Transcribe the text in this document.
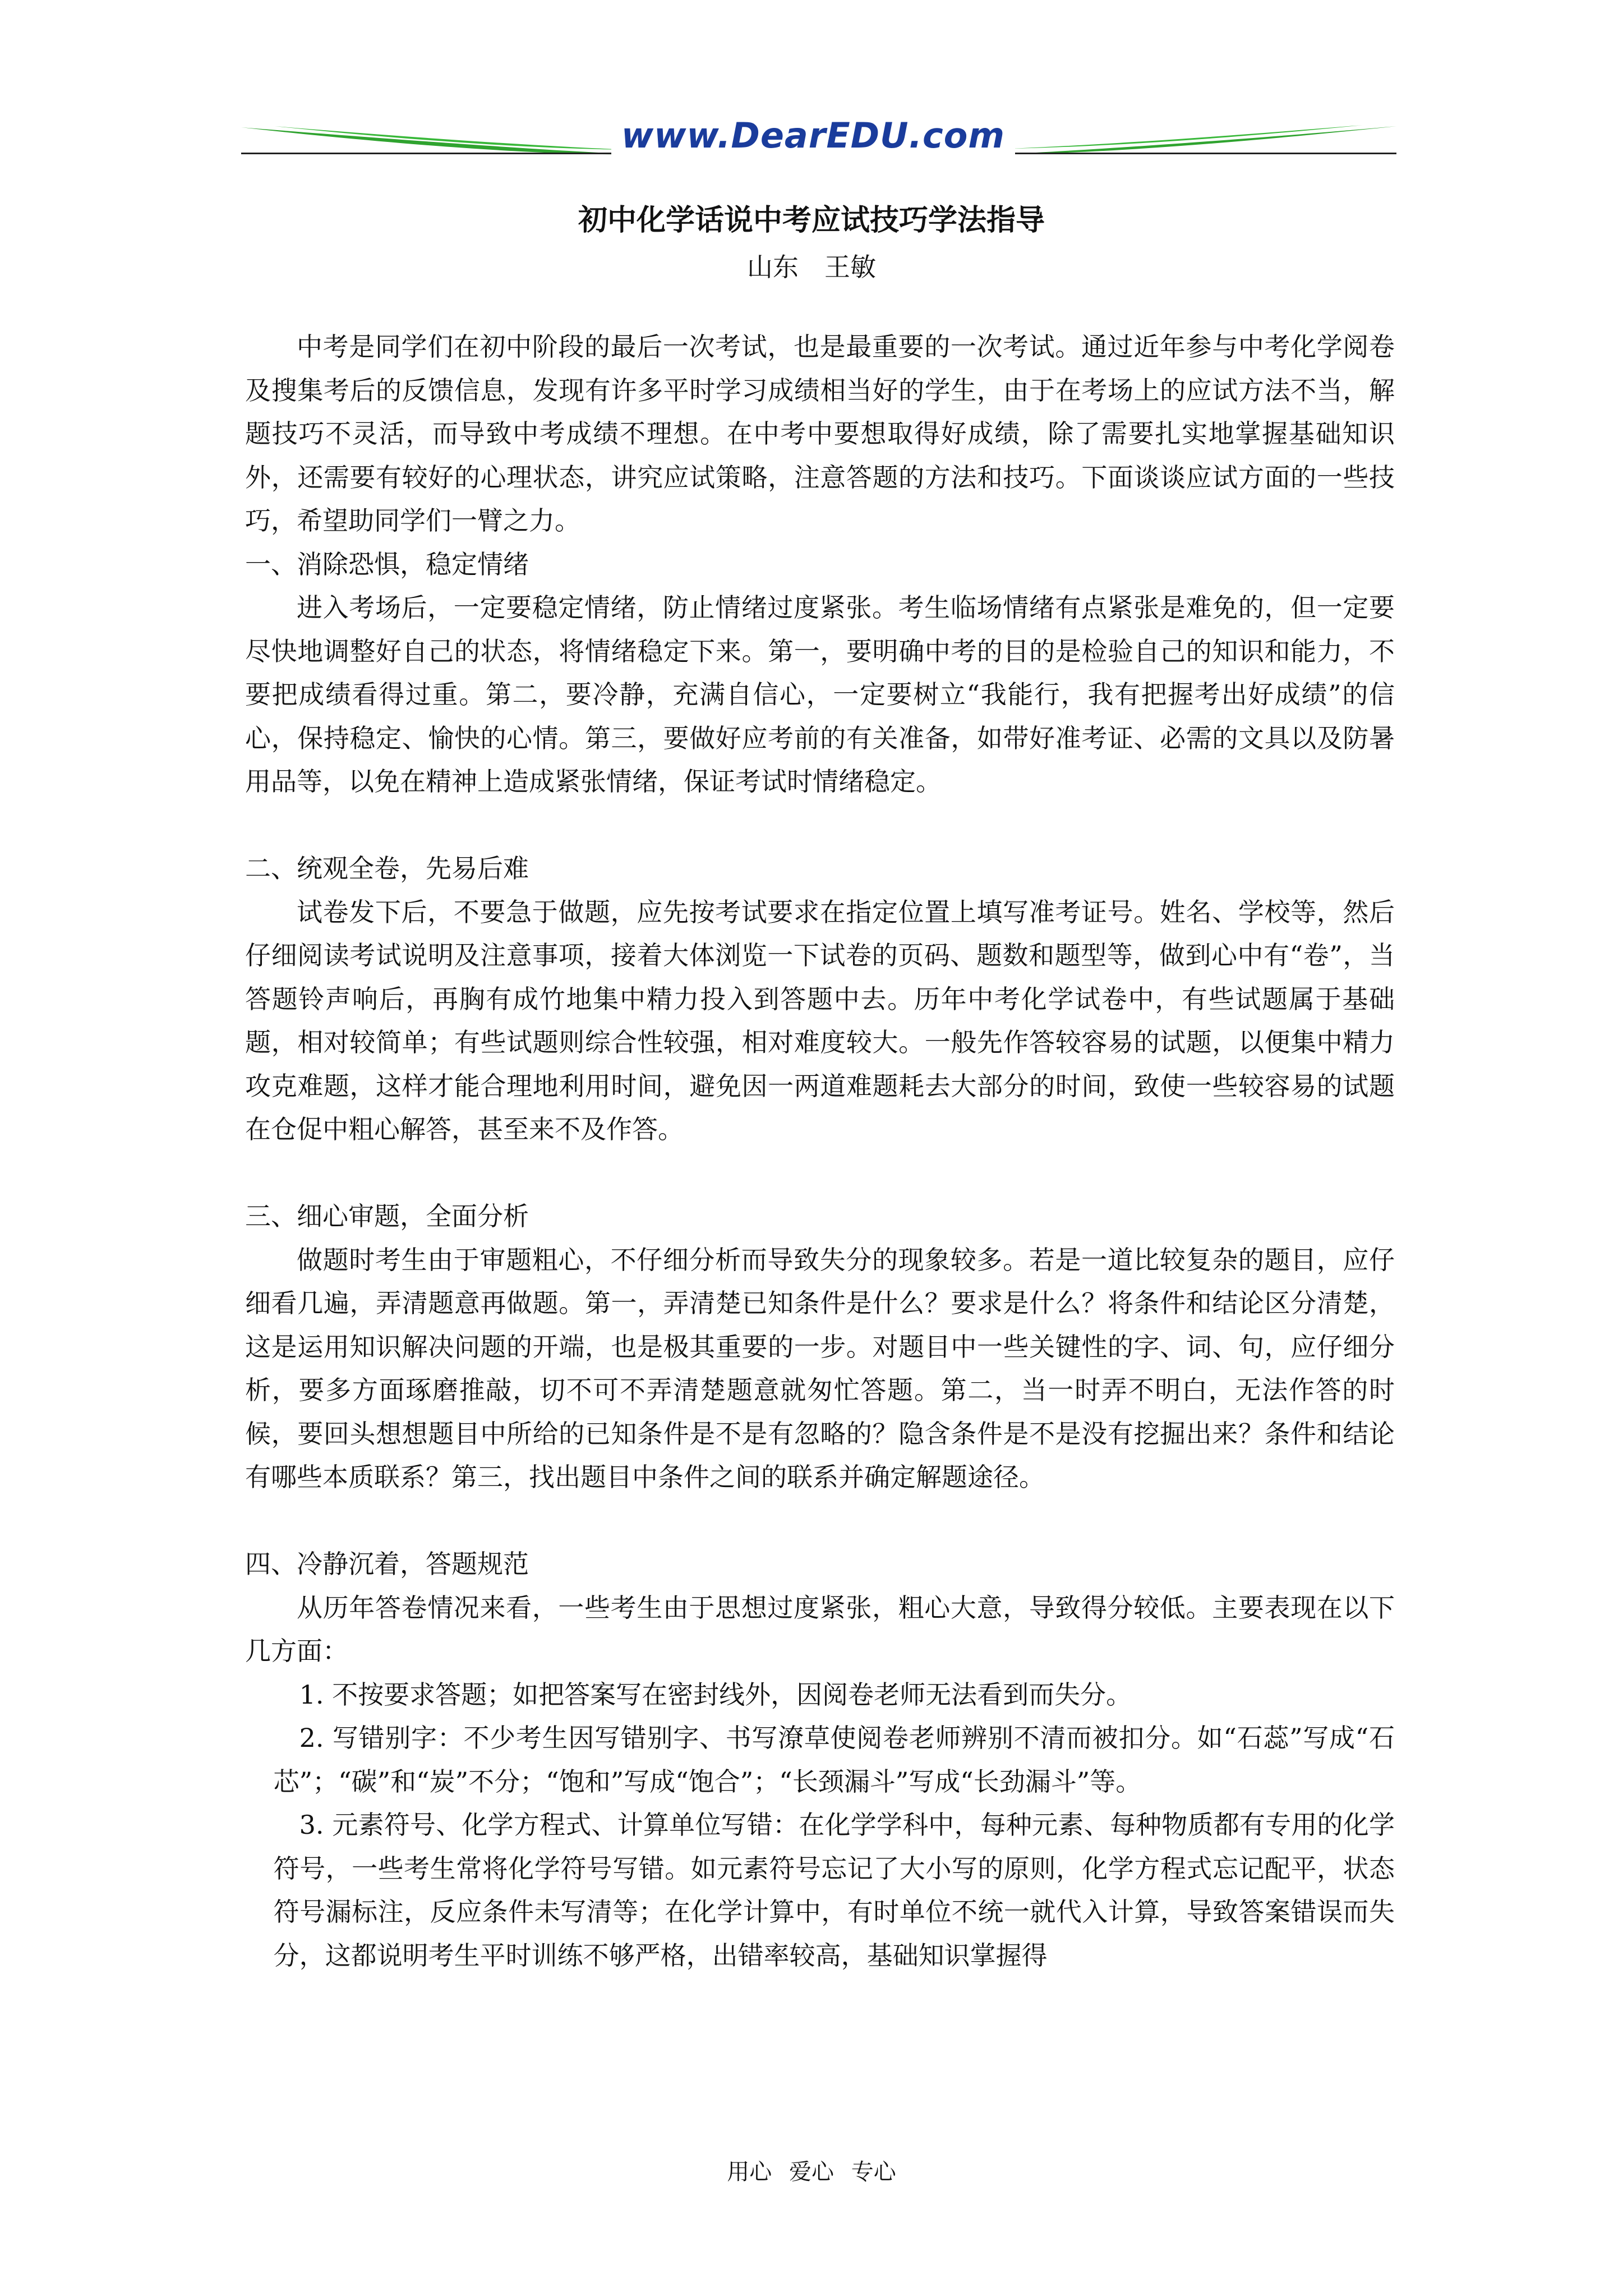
www.DearEDU.com
初中化学话说中考应试技巧学法指导
山东　王敏

中考是同学们在初中阶段的最后一次考试，也是最重要的一次考试。通过近年参与中考化学阅卷及搜集考后的反馈信息，发现有许多平时学习成绩相当好的学生，由于在考场上的应试方法不当，解题技巧不灵活，而导致中考成绩不理想。在中考中要想取得好成绩，除了需要扎实地掌握基础知识外，还需要有较好的心理状态，讲究应试策略，注意答题的方法和技巧。下面谈谈应试方面的一些技巧，希望助同学们一臂之力。

一、消除恐惧，稳定情绪

进入考场后，一定要稳定情绪，防止情绪过度紧张。考生临场情绪有点紧张是难免的，但一定要尽快地调整好自己的状态，将情绪稳定下来。第一，要明确中考的目的是检验自己的知识和能力，不要把成绩看得过重。第二，要冷静，充满自信心，一定要树立“我能行，我有把握考出好成绩”的信心，保持稳定、愉快的心情。第三，要做好应考前的有关准备，如带好准考证、必需的文具以及防暑用品等，以免在精神上造成紧张情绪，保证考试时情绪稳定。

二、统观全卷，先易后难

试卷发下后，不要急于做题，应先按考试要求在指定位置上填写准考证号。姓名、学校等，然后仔细阅读考试说明及注意事项，接着大体浏览一下试卷的页码、题数和题型等，做到心中有“卷”，当答题铃声响后，再胸有成竹地集中精力投入到答题中去。历年中考化学试卷中，有些试题属于基础题，相对较简单；有些试题则综合性较强，相对难度较大。一般先作答较容易的试题，以便集中精力攻克难题，这样才能合理地利用时间，避免因一两道难题耗去大部分的时间，致使一些较容易的试题在仓促中粗心解答，甚至来不及作答。

三、细心审题，全面分析

做题时考生由于审题粗心，不仔细分析而导致失分的现象较多。若是一道比较复杂的题目，应仔细看几遍，弄清题意再做题。第一，弄清楚已知条件是什么？要求是什么？将条件和结论区分清楚，这是运用知识解决问题的开端，也是极其重要的一步。对题目中一些关键性的字、词、句，应仔细分析，要多方面琢磨推敲，切不可不弄清楚题意就匆忙答题。第二，当一时弄不明白，无法作答的时候，要回头想想题目中所给的已知条件是不是有忽略的？隐含条件是不是没有挖掘出来？条件和结论有哪些本质联系？第三，找出题目中条件之间的联系并确定解题途径。

四、冷静沉着，答题规范

从历年答卷情况来看，一些考生由于思想过度紧张，粗心大意，导致得分较低。主要表现在以下几方面：

1. 不按要求答题；如把答案写在密封线外，因阅卷老师无法看到而失分。

2. 写错别字：不少考生因写错别字、书写潦草使阅卷老师辨别不清而被扣分。如“石蕊”写成“石芯”；“碳”和“炭”不分；“饱和”写成“饱合”；“长颈漏斗”写成“长劲漏斗”等。

3. 元素符号、化学方程式、计算单位写错：在化学学科中，每种元素、每种物质都有专用的化学符号，一些考生常将化学符号写错。如元素符号忘记了大小写的原则，化学方程式忘记配平，状态符号漏标注，反应条件未写清等；在化学计算中，有时单位不统一就代入计算，导致答案错误而失分，这都说明考生平时训练不够严格，出错率较高，基础知识掌握得

用心 爱心 专心
